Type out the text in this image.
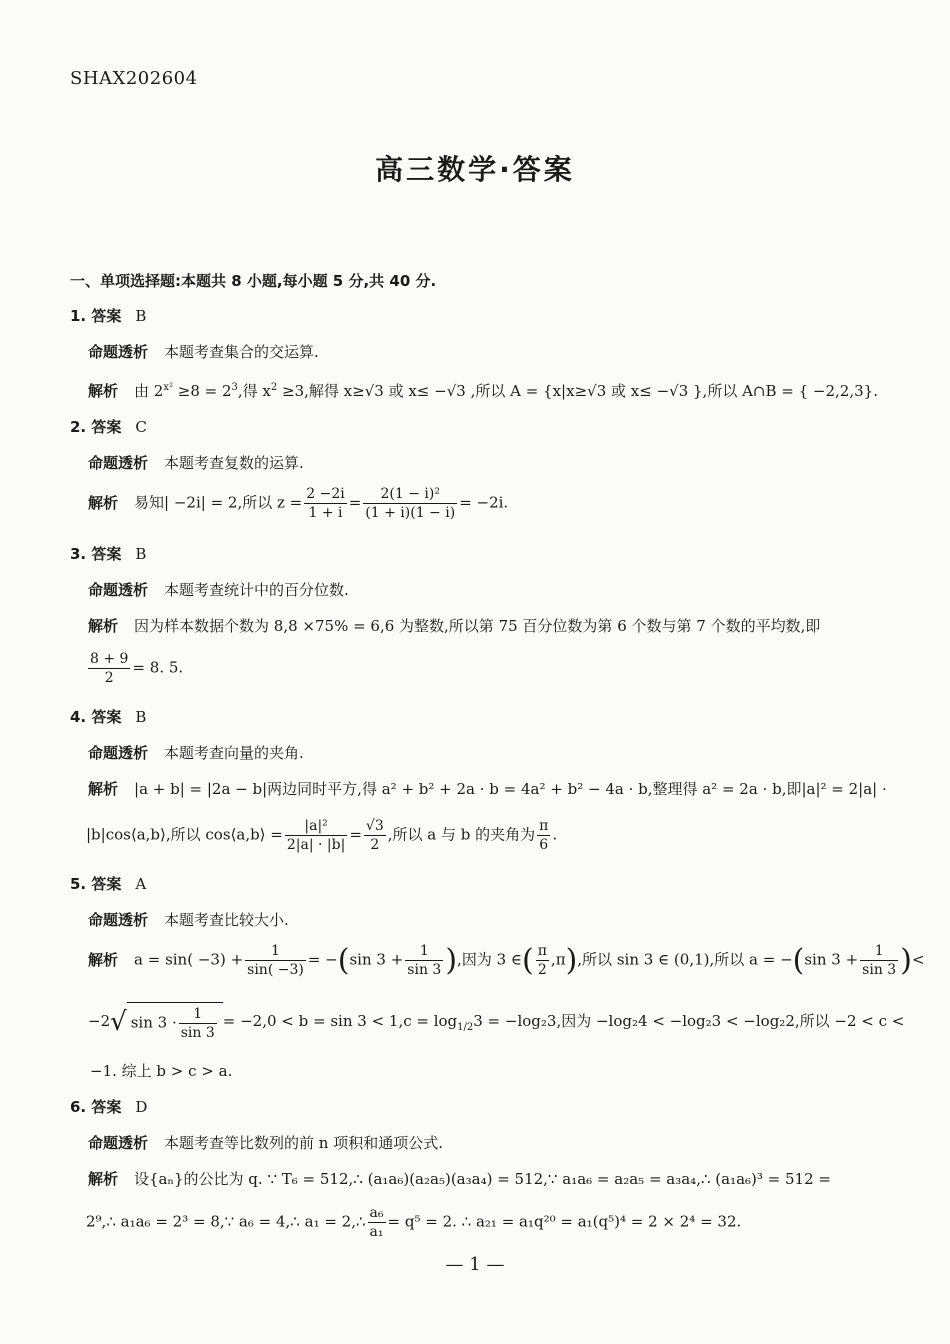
SHAX202604
高三数学·答案
一、单项选择题:本题共 8 小题,每小题 5 分,共 40 分.
1. 答案 B
命题透析 本题考查集合的交运算.
解析 由 $2^{x^2} \ge 8 = 2^3$,得 $x^2 \ge 3$,解得 x≥√3 或 x≤ −√3 ,所以 A = {x|x≥√3 或 x≤ −√3 },所以 A∩B = { −2,2,3}.
2. 答案 C
命题透析 本题考查复数的运算.
解析 易知| −2i| = 2,所以 $z = \frac{2 -2i}{1 + i} = \frac{\text{2(1 − i)²}}{(1 + i)(1 - i)} = -2i$.
3. 答案 B
命题透析 本题考查统计中的百分位数.
解析 因为样本数据个数为 8,8 ×75% = 6,6 为整数,所以第 75 百分位数为第 6 个数与第 7 个数的平均数,即
$\frac{8 + 9}{2} = 8$. 5.
4. 答案 B
命题透析 本题考查向量的夹角.
解析 |a + b| = |2a − b|两边同时平方,得 a² + b² + 2a · b = 4a² + b² − 4a · b,整理得 a² = 2a · b,即|a|² = 2|a| ·
|b|cos⟨a,b⟩,所以 cos⟨a,b⟩ = $\frac{\text{|a|²}}{2|a| \cdot |b|} = \frac{√3}{2}$ ,所以 a 与 b 的夹角为 $\frac{\pi}{6}$ .
5. 答案 A
命题透析 本题考查比较大小.
解析 $a = \sin( -3) + \frac{1}{\sin( -3)} = -(\sin$ $3 + \frac{1}{\sin 3}$ ),因为 3 ∈( $\frac{\pi}{2} ,\pi$),所以 sin 3 ∈ (0,1),所以 a = −(sin $3 + \frac{1}{\sin 3}$ )<
−2√ $\sin 3 \cdot \frac{1}{\sin 3} = -2,0 < b = \sin 3 < 1,c = \log_{1/2}3 = -\log_23$,因为 −log₂4 < −log₂3 < −log₂2,所以 −2 < c <
−1. 综上 b > c > a.
6. 答案 D
命题透析 本题考查等比数列的前 n 项积和通项公式.
解析 设{aₙ}的公比为 q. ∵ T₆ = 512,∴ (a₁a₆)(a₂a₅)(a₃a₄) = 512,∵ a₁a₆ = a₂a₅ = a₃a₄,∴ (a₁a₆)³ = 512 =
2⁹,∴ a₁a₆ = 2³ = 8,∵ a₆ = 4,∴ a₁ = 2,∴ $\frac{\text{a₆}}{\text{a₁}} = q^5 = 2$. ∴ a₂₁ = a₁q²⁰ = a₁(q⁵)⁴ = 2 × 2⁴ = 32.
— 1 —
